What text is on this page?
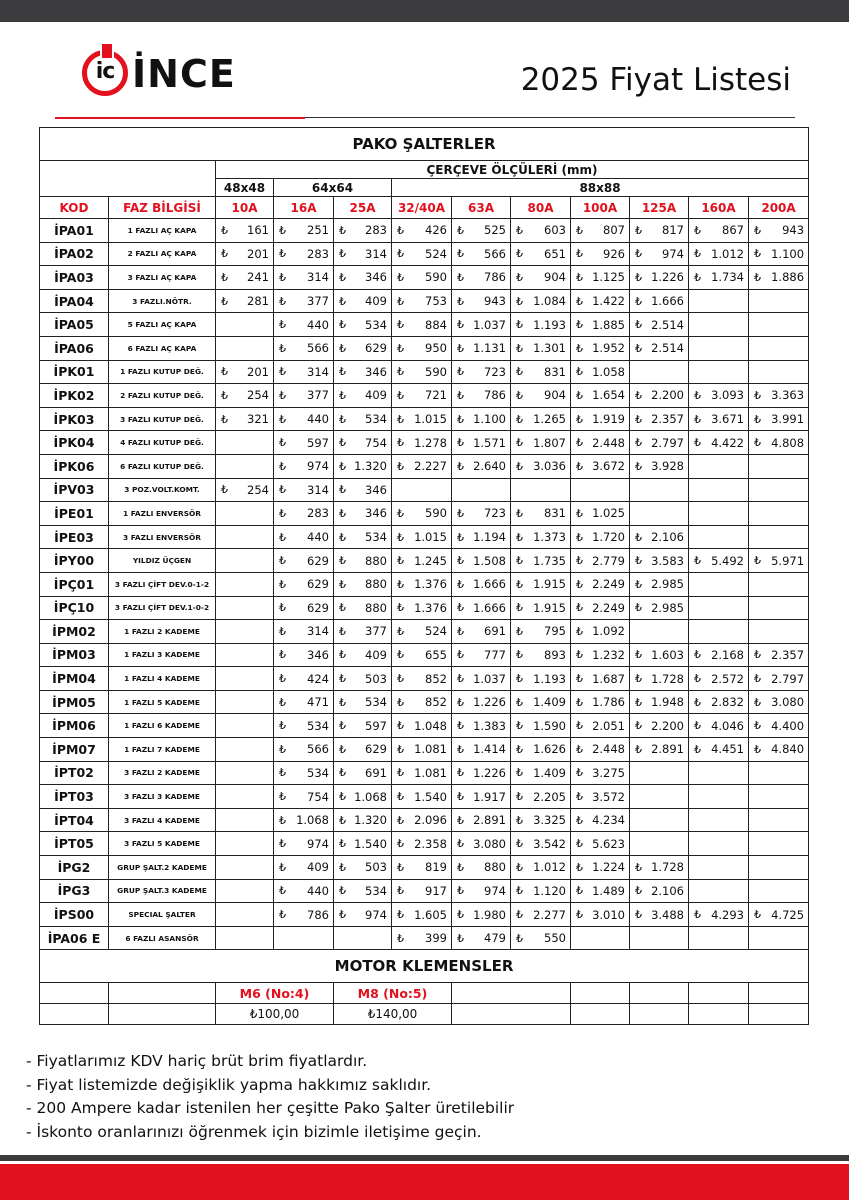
ic İNCE	2025 Fiyat Listesi
PAKO ŞALTERLER											
		ÇERÇEVE ÖLÇÜLERİ (mm)									
		48x48	64x64		88x88						
KOD	FAZ BİLGİSİ	10A	16A	25A	32/40A	63A	80A	100A	125A	160A	200A
İPA01	1 FAZLI AÇ KAPA	₺ 161	₺ 251	₺ 283	₺ 426	₺ 525	₺ 603	₺ 807	₺ 817	₺ 867	₺ 943

İPA02	2 FAZLI AÇ KAPA	₺ 201	₺ 283	₺ 314	₺ 524	₺ 566	₺ 651	₺ 926	₺ 974	₺ 1.012	₺ 1.100

İPA03	3 FAZLI AÇ KAPA	₺ 241	₺ 314	₺ 346	₺ 590	₺ 786	₺ 904	₺ 1.125	₺ 1.226	₺ 1.734	₺ 1.886

İPA04	3 FAZLI.NÖTR.	₺ 281	₺ 377	₺ 409	₺ 753	₺ 943	₺ 1.084	₺ 1.422	₺ 1.666		

İPA05	5 FAZLI AÇ KAPA		₺ 440	₺ 534	₺ 884	₺ 1.037	₺ 1.193	₺ 1.885	₺ 2.514		

İPA06	6 FAZLI AÇ KAPA		₺ 566	₺ 629	₺ 950	₺ 1.131	₺ 1.301	₺ 1.952	₺ 2.514		

İPK01	1 FAZLI KUTUP DEĞ.	₺ 201	₺ 314	₺ 346	₺ 590	₺ 723	₺ 831	₺ 1.058			

İPK02	2 FAZLI KUTUP DEĞ.	₺ 254	₺ 377	₺ 409	₺ 721	₺ 786	₺ 904	₺ 1.654	₺ 2.200	₺ 3.093	₺ 3.363

İPK03	3 FAZLI KUTUP DEĞ.	₺ 321	₺ 440	₺ 534	₺ 1.015	₺ 1.100	₺ 1.265	₺ 1.919	₺ 2.357	₺ 3.671	₺ 3.991

İPK04	4 FAZLI KUTUP DEĞ.		₺ 597	₺ 754	₺ 1.278	₺ 1.571	₺ 1.807	₺ 2.448	₺ 2.797	₺ 4.422	₺ 4.808

İPK06	6 FAZLI KUTUP DEĞ.		₺ 974	₺ 1.320	₺ 2.227	₺ 2.640	₺ 3.036	₺ 3.672	₺ 3.928		

İPV03	3 POZ.VOLT.KOMT.	₺ 254	₺ 314	₺ 346							

İPE01	1 FAZLI ENVERSÖR		₺ 283	₺ 346	₺ 590	₺ 723	₺ 831	₺ 1.025			

İPE03	3 FAZLI ENVERSÖR		₺ 440	₺ 534	₺ 1.015	₺ 1.194	₺ 1.373	₺ 1.720	₺ 2.106		

İPY00	YILDIZ ÜÇGEN		₺ 629	₺ 880	₺ 1.245	₺ 1.508	₺ 1.735	₺ 2.779	₺ 3.583	₺ 5.492	₺ 5.971

İPÇ01	3 FAZLI ÇİFT DEV.0-1-2		₺ 629	₺ 880	₺ 1.376	₺ 1.666	₺ 1.915	₺ 2.249	₺ 2.985		

İPÇ10	3 FAZLI ÇİFT DEV.1-0-2		₺ 629	₺ 880	₺ 1.376	₺ 1.666	₺ 1.915	₺ 2.249	₺ 2.985		

İPM02	1 FAZLI 2 KADEME		₺ 314	₺ 377	₺ 524	₺ 691	₺ 795	₺ 1.092			

İPM03	1 FAZLI 3 KADEME		₺ 346	₺ 409	₺ 655	₺ 777	₺ 893	₺ 1.232	₺ 1.603	₺ 2.168	₺ 2.357

İPM04	1 FAZLI 4 KADEME		₺ 424	₺ 503	₺ 852	₺ 1.037	₺ 1.193	₺ 1.687	₺ 1.728	₺ 2.572	₺ 2.797

İPM05	1 FAZLI 5 KADEME		₺ 471	₺ 534	₺ 852	₺ 1.226	₺ 1.409	₺ 1.786	₺ 1.948	₺ 2.832	₺ 3.080

İPM06	1 FAZLI 6 KADEME		₺ 534	₺ 597	₺ 1.048	₺ 1.383	₺ 1.590	₺ 2.051	₺ 2.200	₺ 4.046	₺ 4.400

İPM07	1 FAZLI 7 KADEME		₺ 566	₺ 629	₺ 1.081	₺ 1.414	₺ 1.626	₺ 2.448	₺ 2.891	₺ 4.451	₺ 4.840

İPT02	3 FAZLI 2 KADEME		₺ 534	₺ 691	₺ 1.081	₺ 1.226	₺ 1.409	₺ 3.275			

İPT03	3 FAZLI 3 KADEME		₺ 754	₺ 1.068	₺ 1.540	₺ 1.917	₺ 2.205	₺ 3.572			

İPT04	3 FAZLI 4 KADEME		₺ 1.068	₺ 1.320	₺ 2.096	₺ 2.891	₺ 3.325	₺ 4.234			

İPT05	3 FAZLI 5 KADEME		₺ 974	₺ 1.540	₺ 2.358	₺ 3.080	₺ 3.542	₺ 5.623			

İPG2	GRUP ŞALT.2 KADEME		₺ 409	₺ 503	₺ 819	₺ 880	₺ 1.012	₺ 1.224	₺ 1.728		

İPG3	GRUP ŞALT.3 KADEME		₺ 440	₺ 534	₺ 917	₺ 974	₺ 1.120	₺ 1.489	₺ 2.106		

İPS00	SPECIAL ŞALTER		₺ 786	₺ 974	₺ 1.605	₺ 1.980	₺ 2.277	₺ 3.010	₺ 3.488	₺ 4.293	₺ 4.725

İPA06 E	6 FAZLI ASANSÖR				₺ 399	₺ 479	₺ 550				

MOTOR KLEMENSLER											
		M6 (No:4)		M8 (No:5)							
		₺100,00		₺140,00							
- Fiyatlarımız KDV hariç brüt brim fiyatlardır.
- Fiyat listemizde değişiklik yapma hakkımız saklıdır.
- 200 Ampere kadar istenilen her çeşitte Pako Şalter üretilebilir
- İskonto oranlarınızı öğrenmek için bizimle iletişime geçin.
